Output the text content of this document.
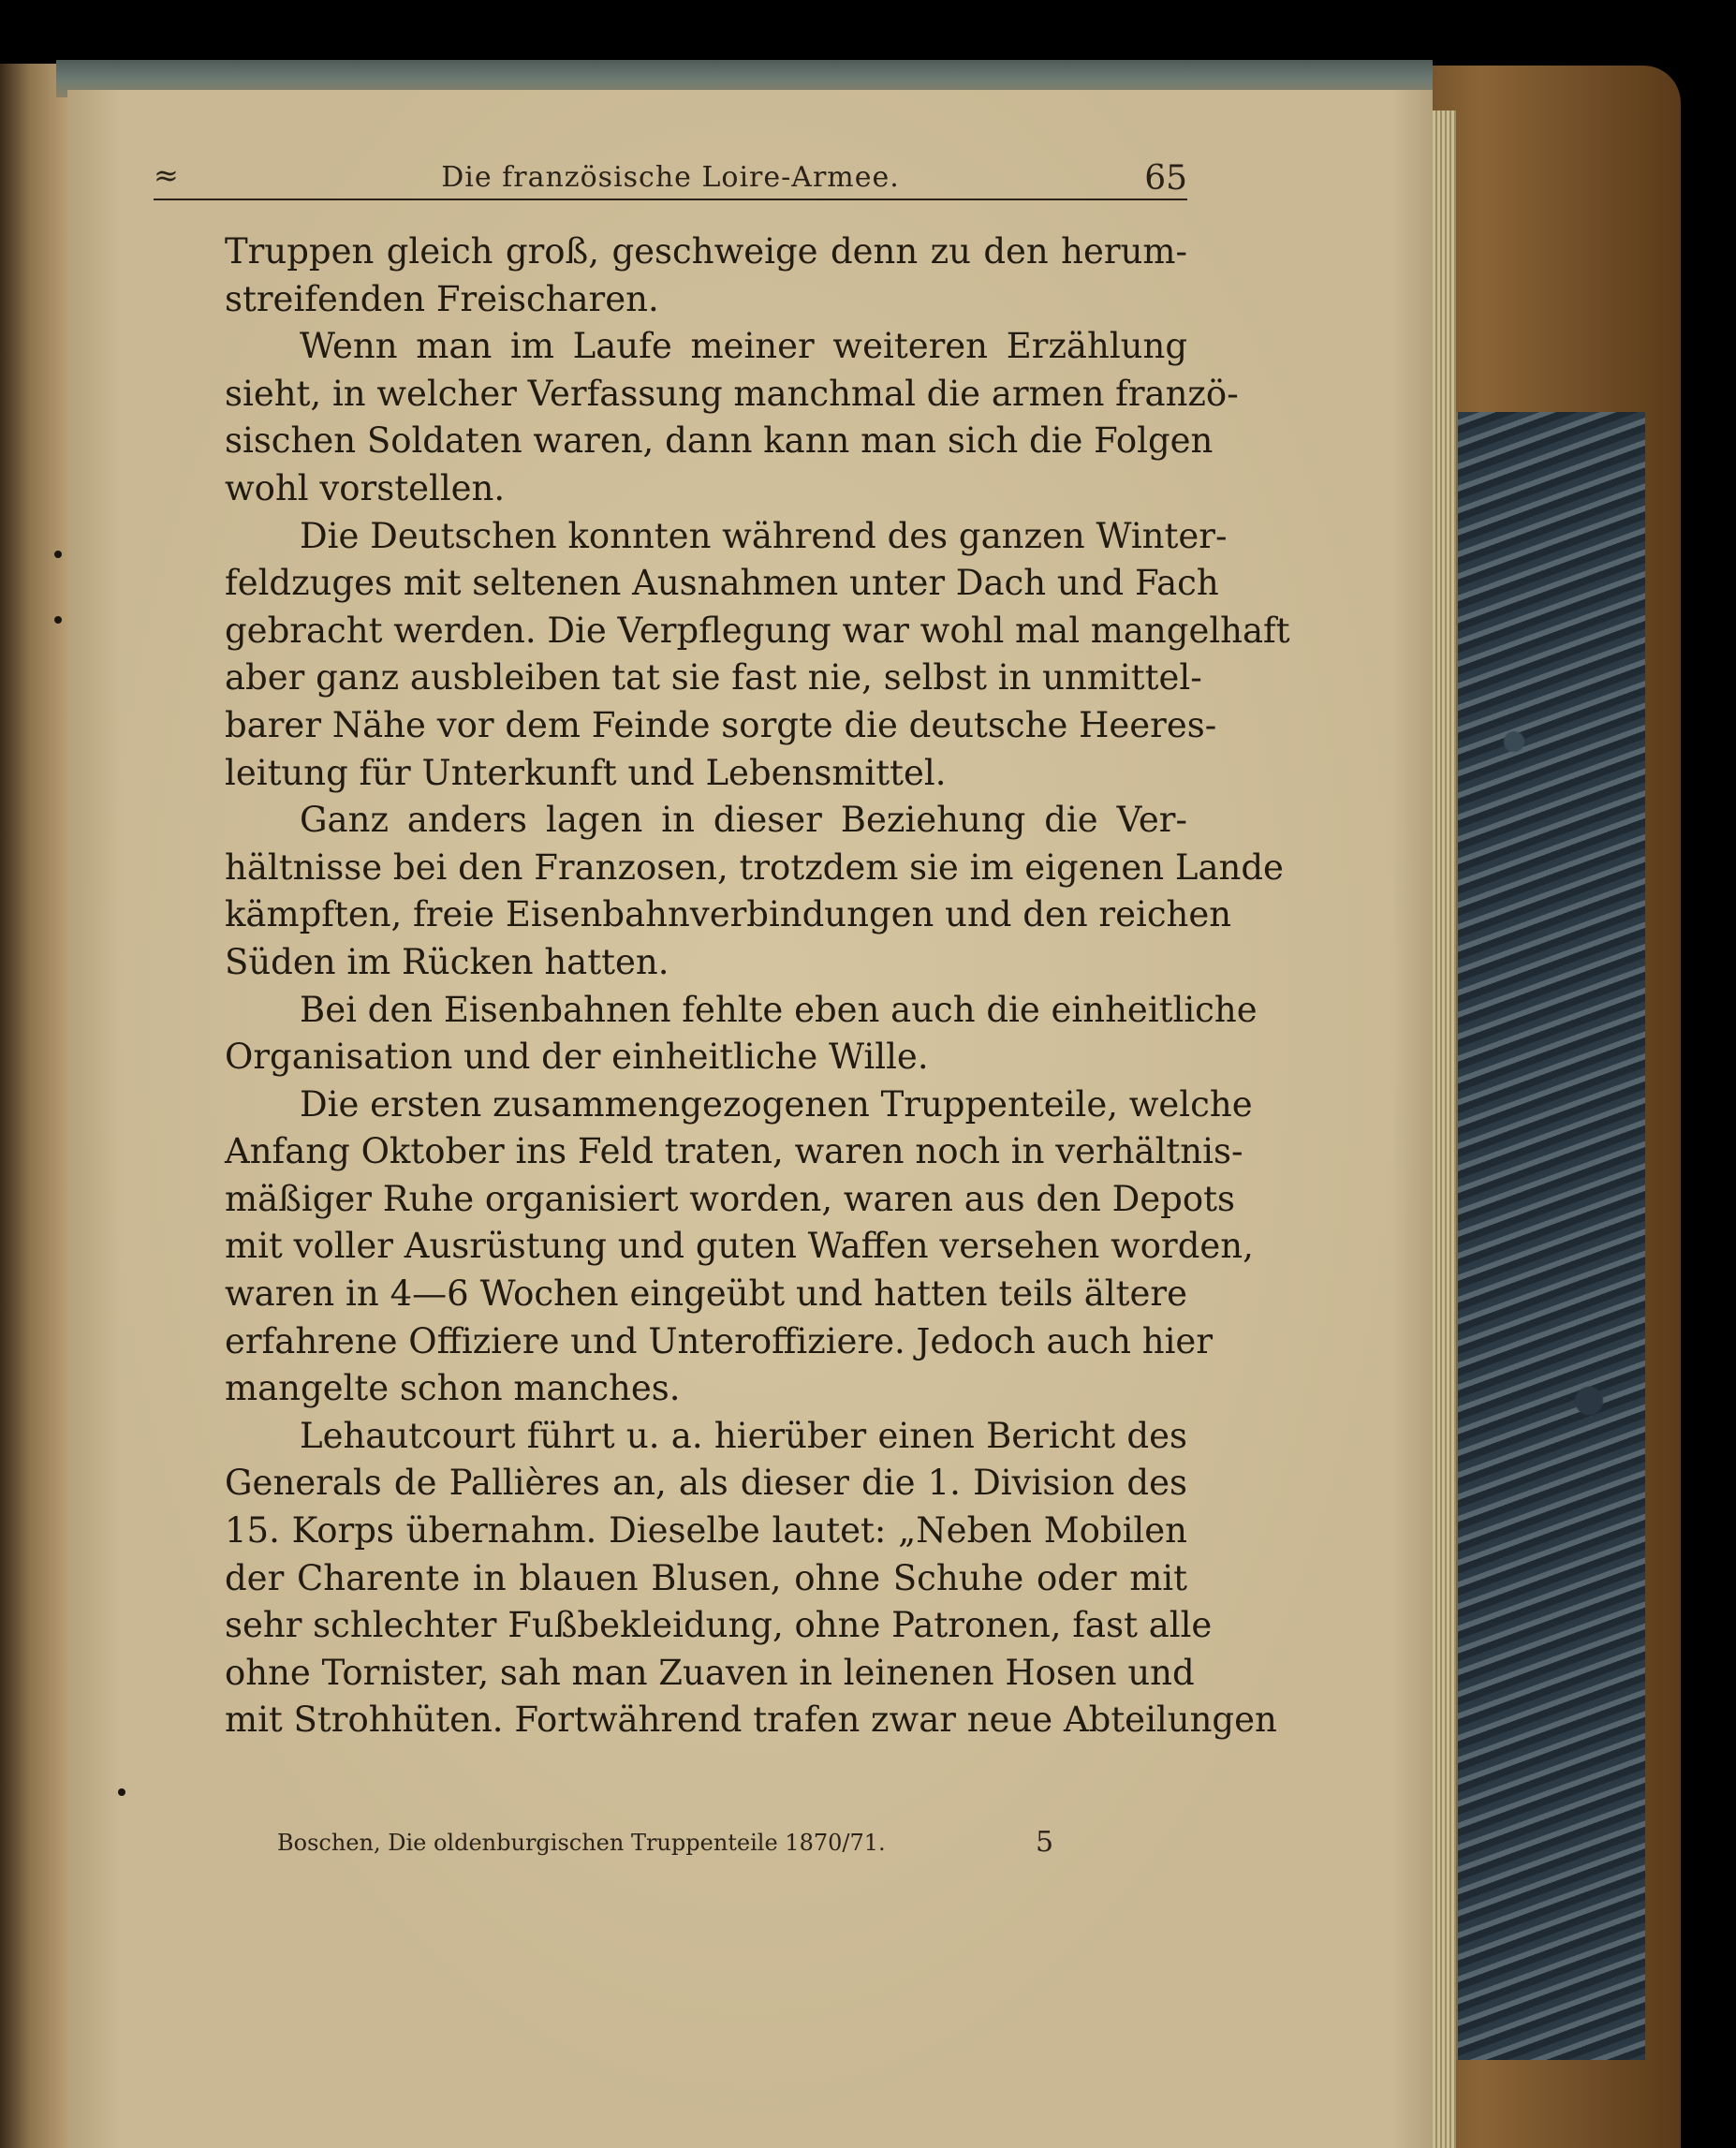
≈	Die französische Loire-Armee.	65
Truppen gleich groß, geschweige denn zu den herum-
streifenden Freischaren.
Wenn man im Laufe meiner weiteren Erzählung
sieht, in welcher Verfassung manchmal die armen franzö-
sischen Soldaten waren, dann kann man sich die Folgen
wohl vorstellen.
Die Deutschen konnten während des ganzen Winter-
feldzuges mit seltenen Ausnahmen unter Dach und Fach
gebracht werden. Die Verpflegung war wohl mal mangelhaft
aber ganz ausbleiben tat sie fast nie, selbst in unmittel-
barer Nähe vor dem Feinde sorgte die deutsche Heeres-
leitung für Unterkunft und Lebensmittel.
Ganz anders lagen in dieser Beziehung die Ver-
hältnisse bei den Franzosen, trotzdem sie im eigenen Lande
kämpften, freie Eisenbahnverbindungen und den reichen
Süden im Rücken hatten.
Bei den Eisenbahnen fehlte eben auch die einheitliche
Organisation und der einheitliche Wille.
Die ersten zusammengezogenen Truppenteile, welche
Anfang Oktober ins Feld traten, waren noch in verhältnis-
mäßiger Ruhe organisiert worden, waren aus den Depots
mit voller Ausrüstung und guten Waffen versehen worden,
waren in 4—6 Wochen eingeübt und hatten teils ältere
erfahrene Offiziere und Unteroffiziere. Jedoch auch hier
mangelte schon manches.
Lehautcourt führt u. a. hierüber einen Bericht des
Generals de Pallières an, als dieser die 1. Division des
15. Korps übernahm. Dieselbe lautet: „Neben Mobilen
der Charente in blauen Blusen, ohne Schuhe oder mit
sehr schlechter Fußbekleidung, ohne Patronen, fast alle
ohne Tornister, sah man Zuaven in leinenen Hosen und
mit Strohhüten. Fortwährend trafen zwar neue Abteilungen
Boschen, Die oldenburgischen Truppenteile 1870/71.	5
